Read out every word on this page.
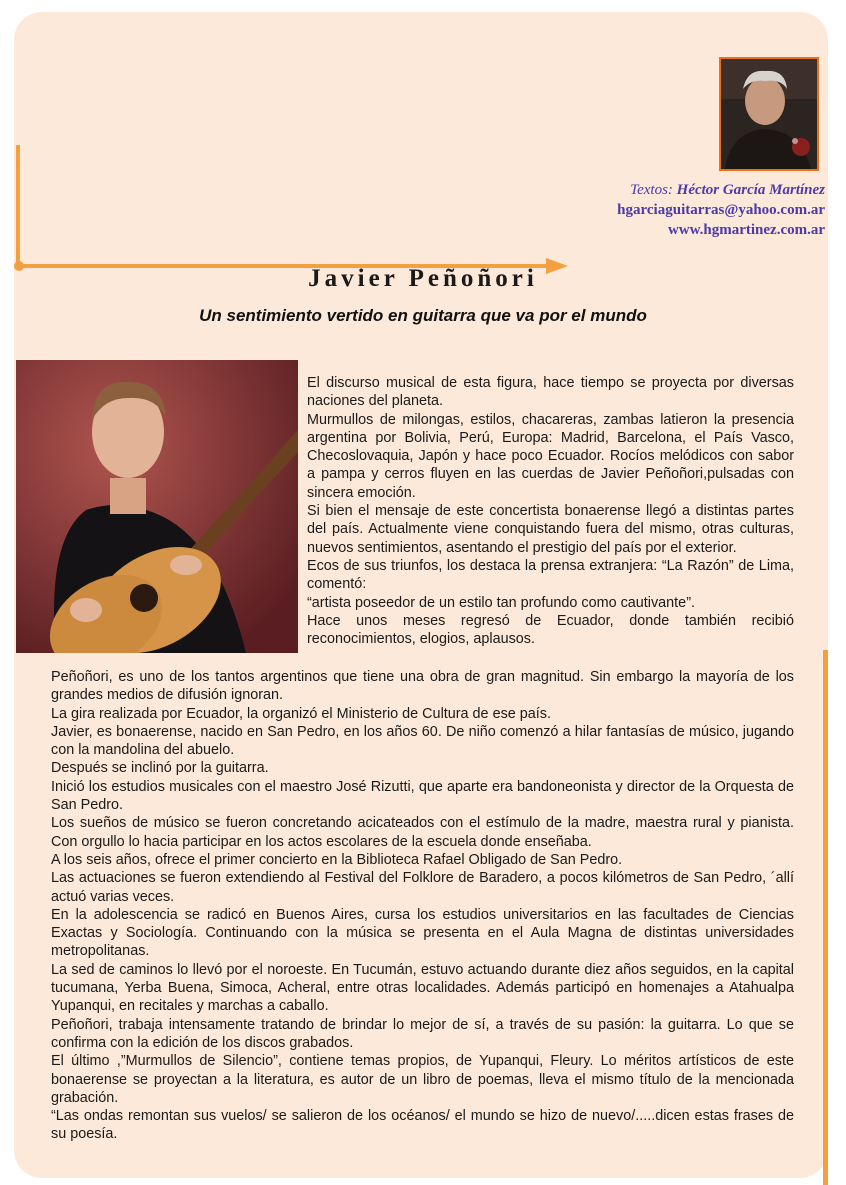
Textos: Héctor García Martínez
hgarciaguitarras@yahoo.com.ar
www.hgmartinez.com.ar
Javier Peñoñori
Un sentimiento vertido en guitarra que va por el mundo

El discurso musical de esta figura, hace tiempo se proyecta por diversas naciones del planeta.

Murmullos de milongas, estilos, chacareras, zambas latieron la presencia argentina por Bolivia, Perú, Europa: Madrid, Barcelona, el País Vasco, Checoslovaquia, Japón y hace poco Ecuador. Rocíos melódicos con sabor a pampa y cerros fluyen en las cuerdas de Javier Peñoñori,pulsadas con sincera emoción.

Si bien el mensaje de este concertista bonaerense llegó a distintas partes del país. Actualmente viene conquistando fuera del mismo, otras culturas, nuevos sentimientos, asentando el prestigio del país por el exterior.

Ecos de sus triunfos, los destaca la prensa extranjera: “La Razón” de Lima, comentó:

“artista poseedor de un estilo tan profundo como cautivante”.

Hace unos meses regresó de Ecuador, donde también recibió reconocimientos, elogios, aplausos.

Peñoñori, es uno de los tantos argentinos que tiene una obra de gran magnitud. Sin embargo la mayoría de los grandes medios de difusión ignoran.

La gira realizada por Ecuador, la organizó el Ministerio de Cultura de ese país.

Javier, es bonaerense, nacido en San Pedro, en los años 60. De niño comenzó a hilar fantasías de músico, jugando con la mandolina del abuelo.

Después se inclinó por la guitarra.

Inició los estudios musicales con el maestro José Rizutti, que aparte era bandoneonista y director de la Orquesta de San Pedro.

Los sueños de músico se fueron concretando acicateados con el estímulo de la madre, maestra rural y pianista. Con orgullo lo hacia participar en los actos escolares de la escuela donde enseñaba.

A los seis años, ofrece el primer concierto en la Biblioteca Rafael Obligado de San Pedro.

Las actuaciones se fueron extendiendo al Festival del Folklore de Baradero, a pocos kilómetros de San Pedro, ´allí actuó varias veces.

En la adolescencia se radicó en Buenos Aires, cursa los estudios universitarios en las facultades de Ciencias Exactas y Sociología. Continuando con la música se presenta en el Aula Magna de distintas universidades metropolitanas.

La sed de caminos lo llevó por el noroeste. En Tucumán, estuvo actuando durante diez años seguidos, en la capital tucumana, Yerba Buena, Simoca, Acheral, entre otras localidades. Además participó en homenajes a Atahualpa Yupanqui, en recitales y marchas a caballo.

Peñoñori, trabaja intensamente tratando de brindar lo mejor de sí, a través de su pasión: la guitarra. Lo que se confirma con la edición de los discos grabados.

El último ,”Murmullos de Silencio”, contiene temas propios, de Yupanqui, Fleury. Lo méritos artísticos de este bonaerense se proyectan a la literatura, es autor de un libro de poemas, lleva el mismo título de la mencionada grabación.

“Las ondas remontan sus vuelos/ se salieron de los océanos/ el mundo se hizo de nuevo/.....dicen estas frases de su poesía.
